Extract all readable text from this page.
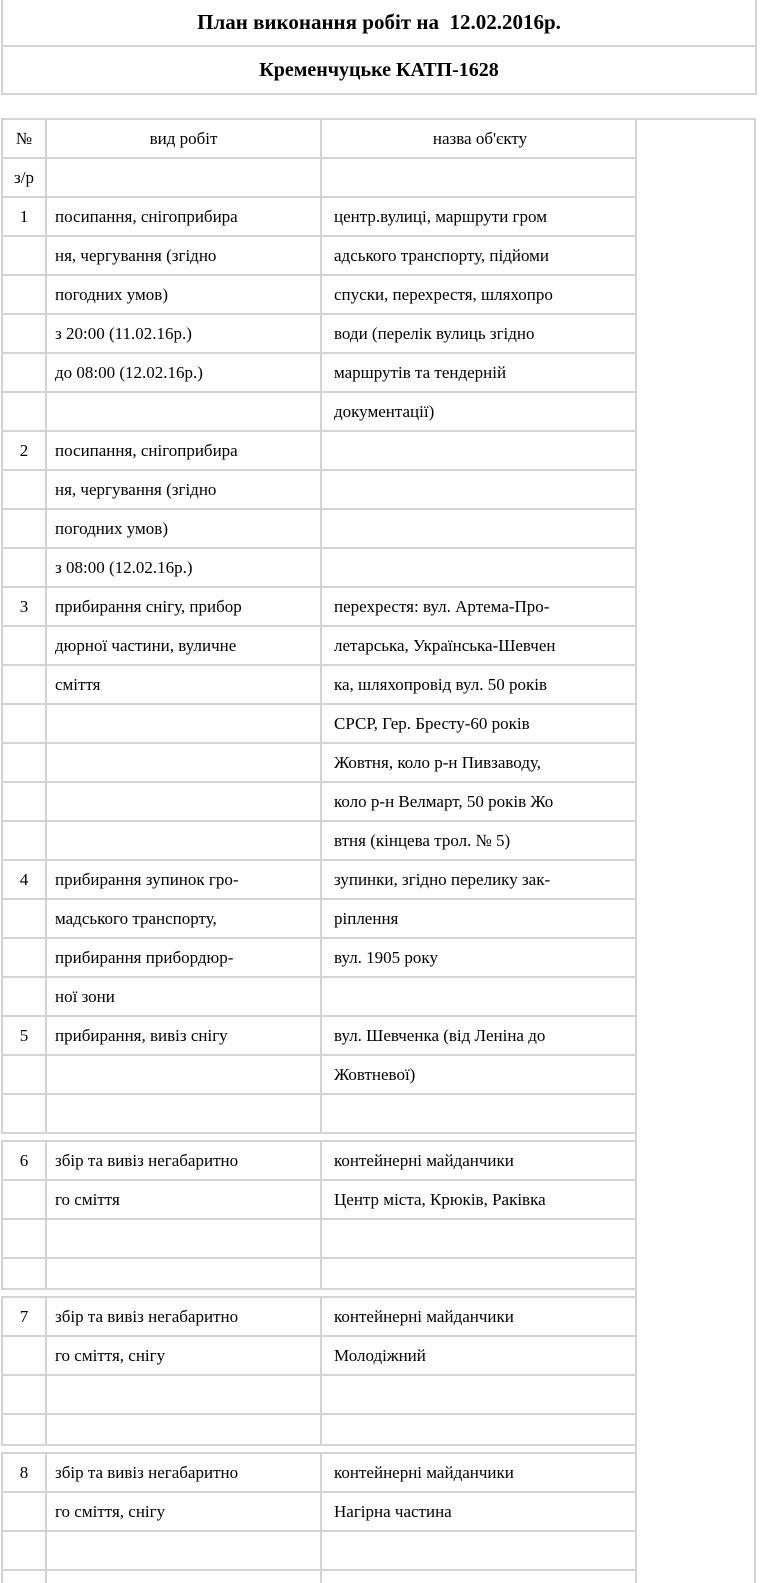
План виконання робіт на  12.02.2016р.
Кременчуцьке КАТП-1628
№	вид робіт	назва об'єкту
з/р		
1	посипання, снігоприбира	центр.вулиці, маршрути гром
	ня, чергування (згідно	адського транспорту, підйоми
	погодних умов)	спуски, перехрестя, шляхопро
	з 20:00 (11.02.16р.)	води (перелік вулиць згідно
	до 08:00 (12.02.16р.)	маршрутів та тендерній
		документації)
2	посипання, снігоприбира	
	ня, чергування (згідно	
	погодних умов)	
	з 08:00 (12.02.16р.)	
3	прибирання снігу, прибор	перехрестя: вул. Артема-Про-
	дюрної частини, вуличне	летарська, Українська-Шевчен
	сміття	ка, шляхопровід вул. 50 років
		СРСР, Гер. Бресту-60 років
		Жовтня, коло р-н Пивзаводу,
		коло р-н Велмарт, 50 років Жо
		втня (кінцева трол. № 5)
4	прибирання зупинок гро-	зупинки, згідно перелику зак-
	мадського транспорту,	ріплення
	прибирання прибордюр-	вул. 1905 року
	ної зони	
5	прибирання, вивіз снігу	вул. Шевченка (від Леніна до
		Жовтневої)

6	збір та вивіз негабаритно	контейнерні майданчики
	го сміття	Центр міста, Крюків, Раківка

7	збір та вивіз негабаритно	контейнерні майданчики
	го сміття, снігу	Молодіжний

8	збір та вивіз негабаритно	контейнерні майданчики
	го сміття, снігу	Нагірна частина
